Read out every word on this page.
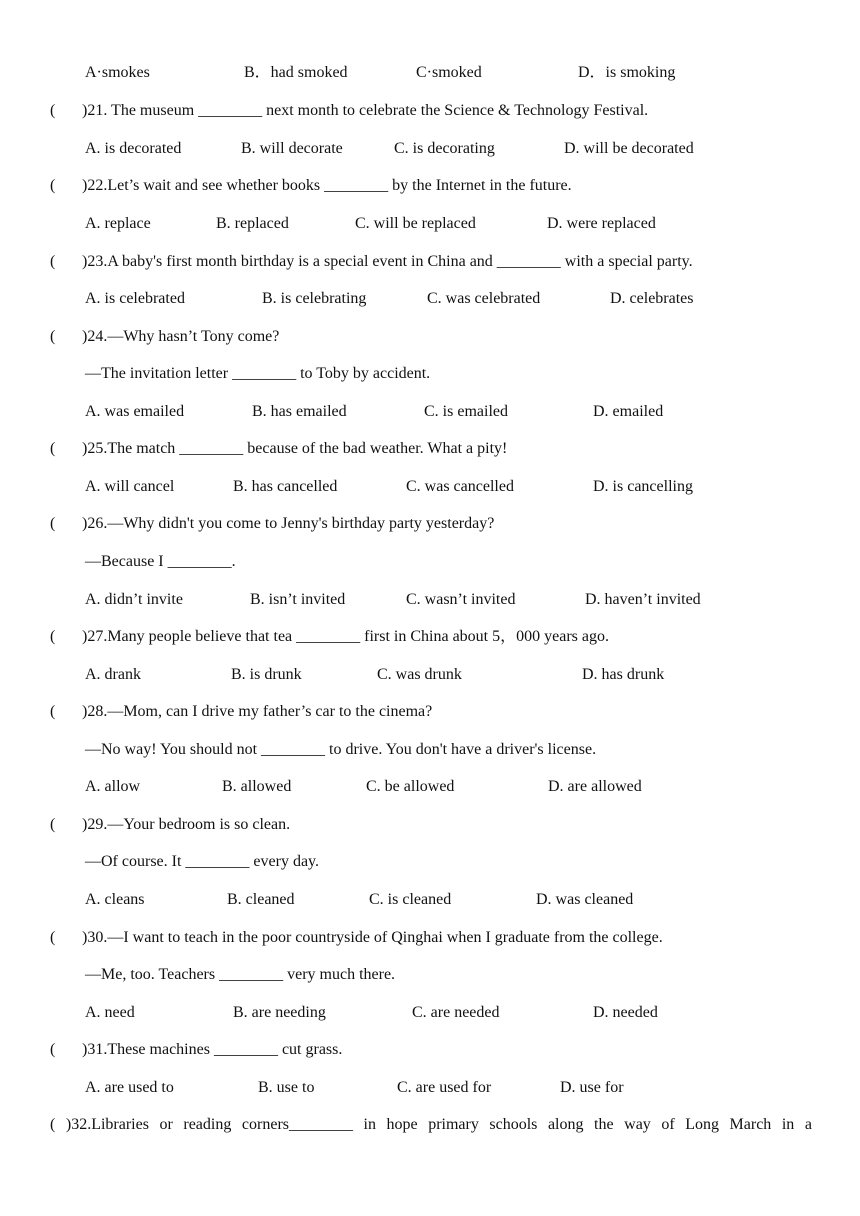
A·smokes	B．had smoked	C·smoked	D．is smoking
( )21. The museum ________ next month to celebrate the Science & Technology Festival.
A. is decorated	B. will decorate	C. is decorating	D. will be decorated
( )22.Let’s wait and see whether books ________ by the Internet in the future.
A. replace	B. replaced	C. will be replaced	D. were replaced
( )23.A baby's first month birthday is a special event in China and ________ with a special party.
A. is celebrated	B. is celebrating	C. was celebrated	D. celebrates
( )24.—Why hasn’t Tony come?
—The invitation letter ________ to Toby by accident.
A. was emailed	B. has emailed	C. is emailed	D. emailed
( )25.The match ________ because of the bad weather. What a pity!
A. will cancel	B. has cancelled	C. was cancelled	D. is cancelling
( )26.—Why didn't you come to Jenny's birthday party yesterday?
—Because I ________.
A. didn’t invite	B. isn’t invited	C. wasn’t invited	D. haven’t invited
( )27.Many people believe that tea ________ first in China about 5，000 years ago.
A. drank	B. is drunk	C. was drunk	D. has drunk
( )28.—Mom, can I drive my father’s car to the cinema?
—No way! You should not ________ to drive. You don't have a driver's license.
A. allow	B. allowed	C. be allowed	D. are allowed
( )29.—Your bedroom is so clean.
—Of course. It ________ every day.
A. cleans	B. cleaned	C. is cleaned	D. was cleaned
( )30.—I want to teach in the poor countryside of Qinghai when I graduate from the college.
—Me, too. Teachers ________ very much there.
A. need	B. are needing	C. are needed	D. needed
( )31.These machines ________ cut grass.
A. are used to	B. use to	C. are used for	D. use for
( )32.Libraries or reading corners________ in hope primary schools along the way of Long March in a
